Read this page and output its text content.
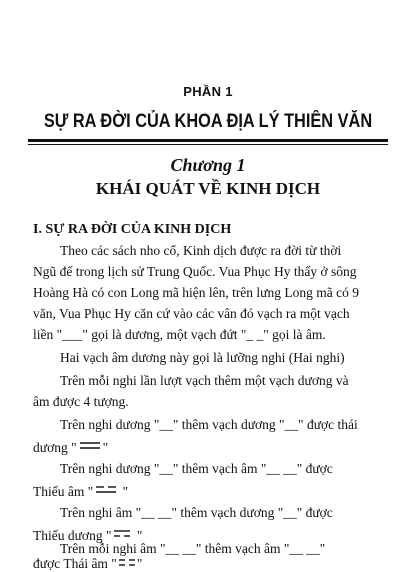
PHẦN 1
SỰ RA ĐỜI CỦA KHOA ĐỊA LÝ THIÊN VĂN
Chương 1
KHÁI QUÁT VỀ KINH DỊCH
I. SỰ RA ĐỜI CỦA KINH DỊCH
Theo các sách nho cổ, Kinh dịch được ra đời từ thời
Ngũ đế trong lịch sử Trung Quốc. Vua Phục Hy thấy ở sông
Hoàng Hà có con Long mã hiện lên, trên lưng Long mã có 9
văn, Vua Phục Hy căn cứ vào các vân đó vạch ra một vạch
liền "___" gọi là dương, một vạch đứt "_ _" gọi là âm.
Hai vạch âm dương này gọi là lưỡng nghi (Hai nghi)
Trên mỗi nghi lần lượt vạch thêm một vạch dương và
âm được 4 tượng.
Trên nghi dương "__" thêm vạch dương "__" được thái
dương " "
Trên nghi dương "__" thêm vạch âm "__ __" được
Thiếu âm " "
Trên nghi âm "__ __" thêm vạch dương "__" được
Thiếu dương " "
Trên mỗi nghi âm "__ __" thêm vạch âm "__ __"
được Thái âm " "
